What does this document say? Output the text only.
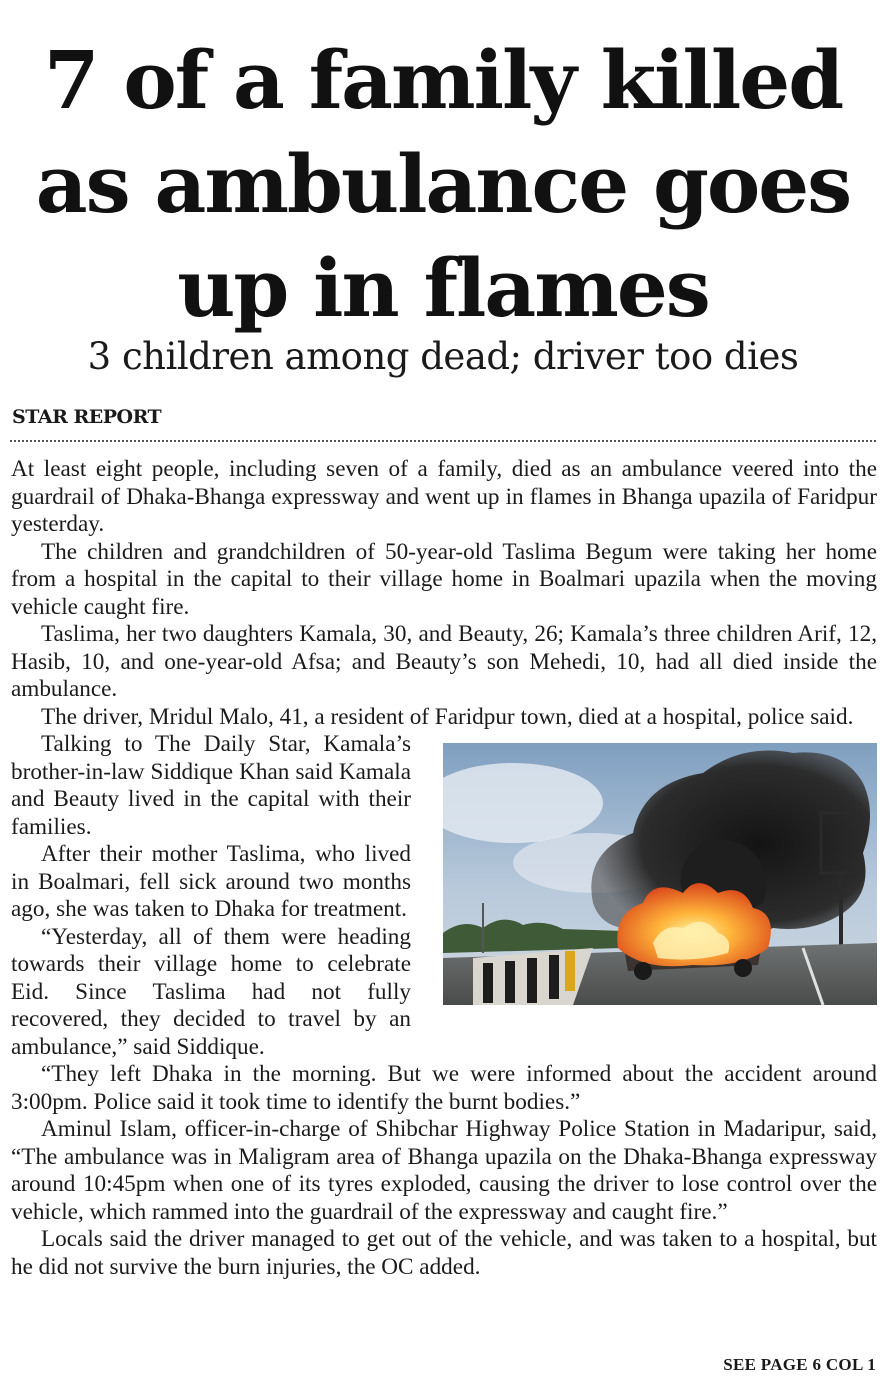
7 of a family killed
as ambulance goes
up in flames
3 children among dead; driver too dies
STAR REPORT

At least eight people, including seven of a family, died as an ambulance veered into the guardrail of Dhaka-Bhanga expressway and went up in flames in Bhanga upazila of Faridpur yesterday.

The children and grandchildren of 50-year-old Taslima Begum were taking her home from a hospital in the capital to their village home in Boalmari upazila when the moving vehicle caught fire.

Taslima, her two daughters Kamala, 30, and Beauty, 26; Kamala’s three children Arif, 12, Hasib, 10, and one-year-old Afsa; and Beauty’s son Mehedi, 10, had all died inside the ambulance.

The driver, Mridul Malo, 41, a resident of Faridpur town, died at a hospital, police said.

Talking to The Daily Star, Kamala’s brother-in-law Siddique Khan said Kamala and Beauty lived in the capital with their families.

After their mother Taslima, who lived in Boalmari, fell sick around two months ago, she was taken to Dhaka for treatment.

“Yesterday, all of them were heading towards their village home to celebrate Eid. Since Taslima had not fully recovered, they decided to travel by an ambulance,” said Siddique.

“They left Dhaka in the morning. But we were informed about the accident around 3:00pm. Police said it took time to identify the burnt bodies.”

Aminul Islam, officer-in-charge of Shibchar Highway Police Station in Madaripur, said, “The ambulance was in Maligram area of Bhanga upazila on the Dhaka-Bhanga expressway around 10:45pm when one of its tyres exploded, causing the driver to lose control over the vehicle, which rammed into the guardrail of the expressway and caught fire.”

Locals said the driver managed to get out of the vehicle, and was taken to a hospital, but he did not survive the burn injuries, the OC added.

SEE PAGE 6 COL 1
